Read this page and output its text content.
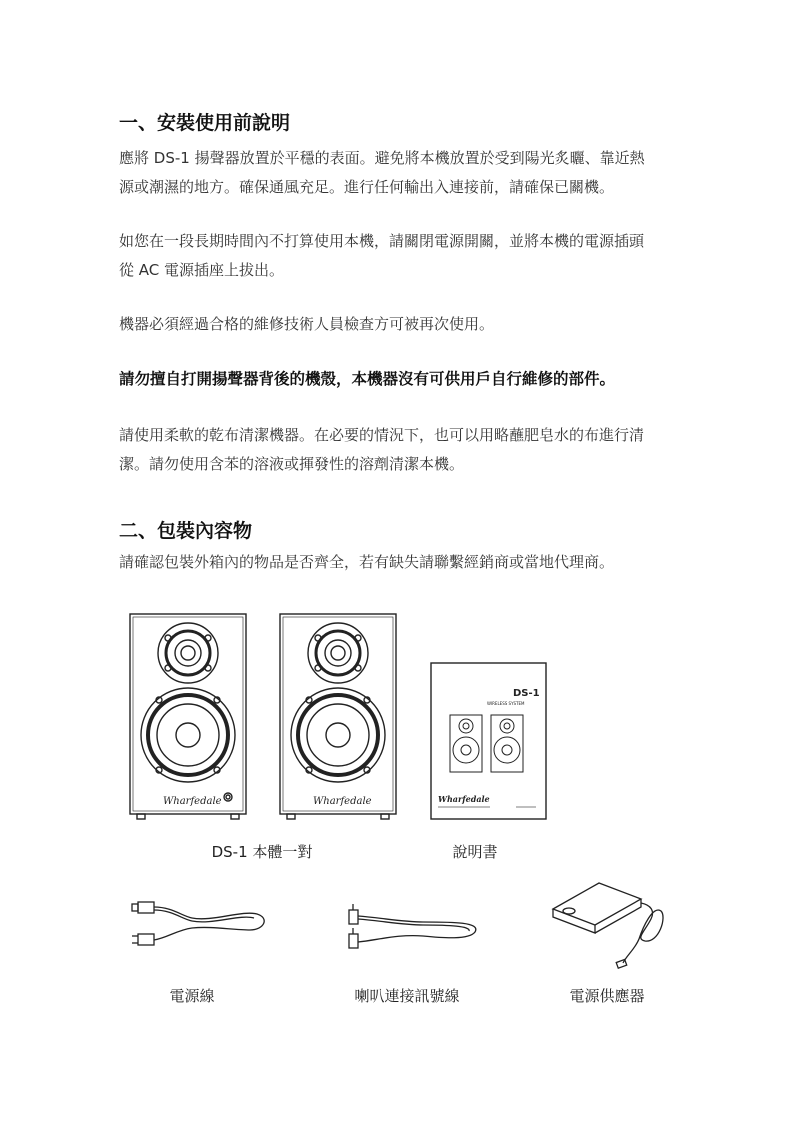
一、安裝使用前說明
應將 DS-1 揚聲器放置於平穩的表面。避免將本機放置於受到陽光炙曬、靠近熱
源或潮濕的地方。確保通風充足。進行任何輸出入連接前，請確保已關機。
如您在一段長期時間內不打算使用本機，請關閉電源開關，並將本機的電源插頭
從 AC 電源插座上拔出。
機器必須經過合格的維修技術人員檢查方可被再次使用。
請勿擅自打開揚聲器背後的機殼，本機器沒有可供用戶自行維修的部件。
請使用柔軟的乾布清潔機器。在必要的情況下，也可以用略蘸肥皂水的布進行清
潔。請勿使用含苯的溶液或揮發性的溶劑清潔本機。
二、包裝內容物
請確認包裝外箱內的物品是否齊全，若有缺失請聯繫經銷商或當地代理商。
Wharfedale	Wharfedale
DS-1
WIRELESS SYSTEM
Wharfedale
DS-1 本體一對	說明書
電源線	喇叭連接訊號線	電源供應器
